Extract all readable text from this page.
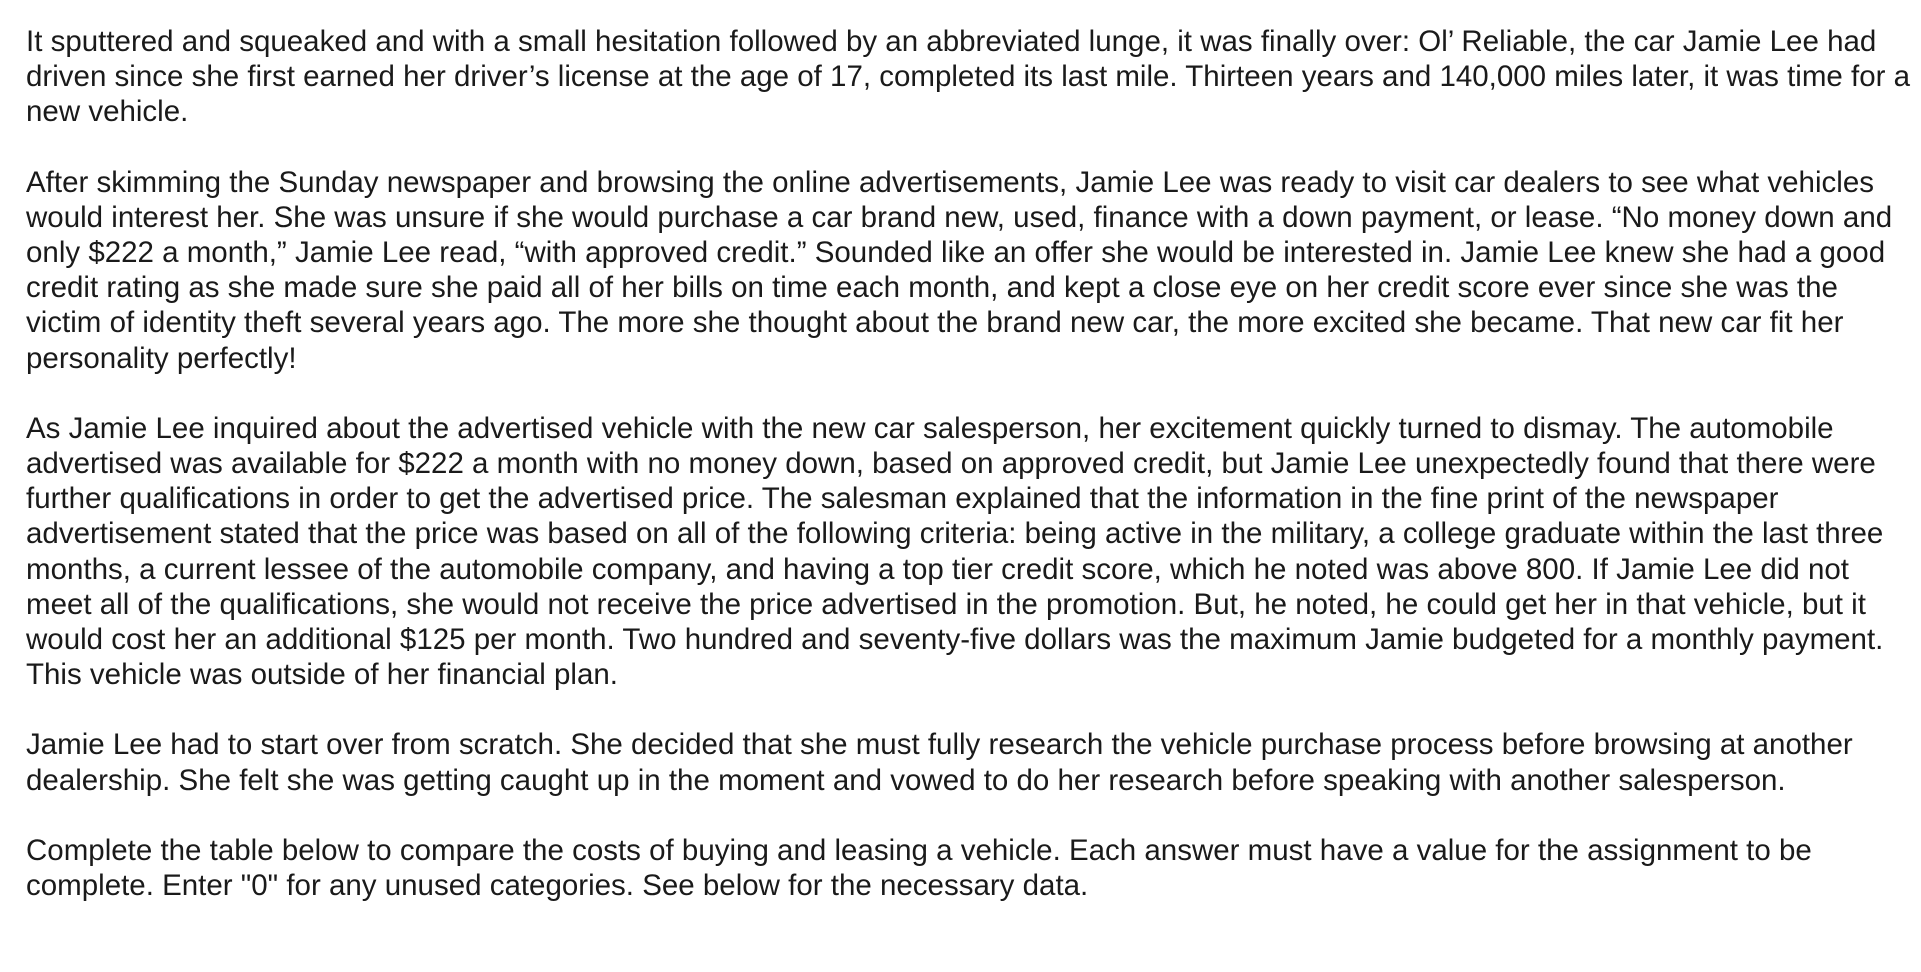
It sputtered and squeaked and with a small hesitation followed by an abbreviated lunge, it was finally over: Ol’ Reliable, the car Jamie Lee had driven since she first earned her driver’s license at the age of 17, completed its last mile. Thirteen years and 140,000 miles later, it was time for a new vehicle.

After skimming the Sunday newspaper and browsing the online advertisements, Jamie Lee was ready to visit car dealers to see what vehicles would interest her. She was unsure if she would purchase a car brand new, used, finance with a down payment, or lease. “No money down and only $222 a month,” Jamie Lee read, “with approved credit.” Sounded like an offer she would be interested in. Jamie Lee knew she had a good credit rating as she made sure she paid all of her bills on time each month, and kept a close eye on her credit score ever since she was the victim of identity theft several years ago. The more she thought about the brand new car, the more excited she became. That new car fit her personality perfectly!

As Jamie Lee inquired about the advertised vehicle with the new car salesperson, her excitement quickly turned to dismay. The automobile advertised was available for $222 a month with no money down, based on approved credit, but Jamie Lee unexpectedly found that there were further qualifications in order to get the advertised price. The salesman explained that the information in the fine print of the newspaper advertisement stated that the price was based on all of the following criteria: being active in the military, a college graduate within the last three months, a current lessee of the automobile company, and having a top tier credit score, which he noted was above 800. If Jamie Lee did not meet all of the qualifications, she would not receive the price advertised in the promotion. But, he noted, he could get her in that vehicle, but it would cost her an additional $125 per month. Two hundred and seventy-five dollars was the maximum Jamie budgeted for a monthly payment. This vehicle was outside of her financial plan.

Jamie Lee had to start over from scratch. She decided that she must fully research the vehicle purchase process before browsing at another dealership. She felt she was getting caught up in the moment and vowed to do her research before speaking with another salesperson.

Complete the table below to compare the costs of buying and leasing a vehicle. Each answer must have a value for the assignment to be complete. Enter "0" for any unused categories. See below for the necessary data.
